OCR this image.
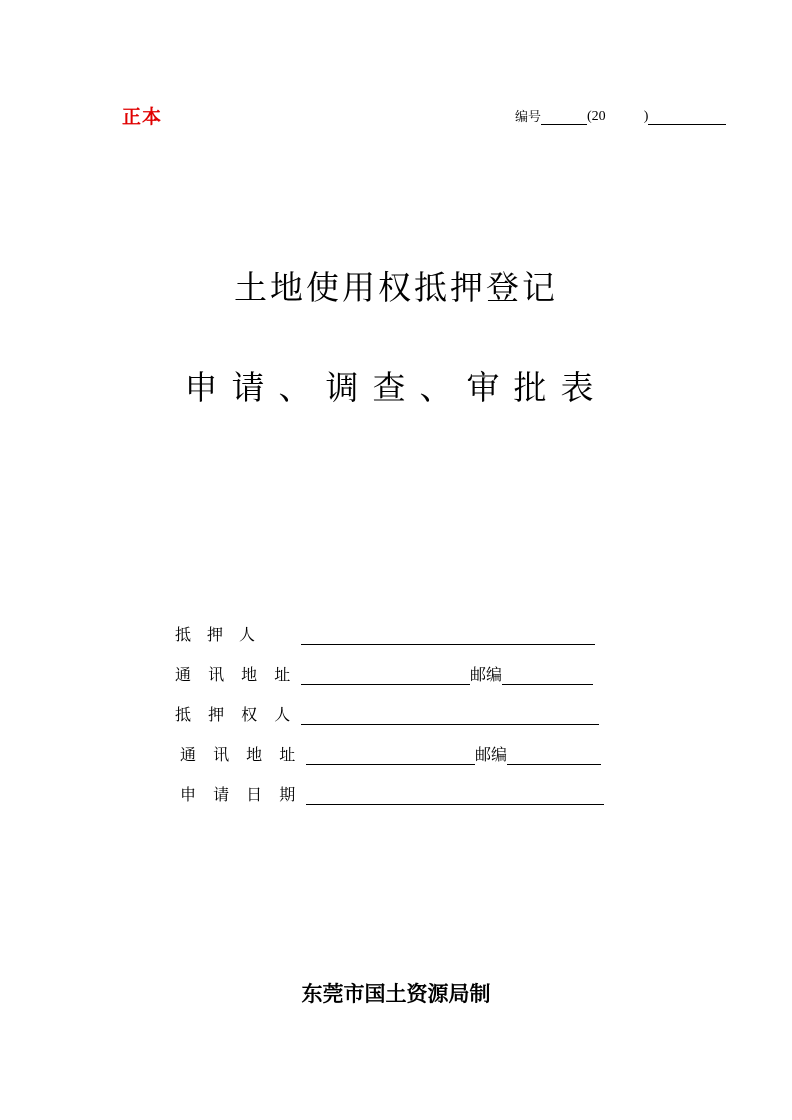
正本	编号	(20	)
土地使用权抵押登记
申请、调查、审批表
抵　押　人
通 讯 地 址	邮编
抵 押 权 人
通 讯 地 址	邮编
申 请 日 期
东莞市国土资源局制
